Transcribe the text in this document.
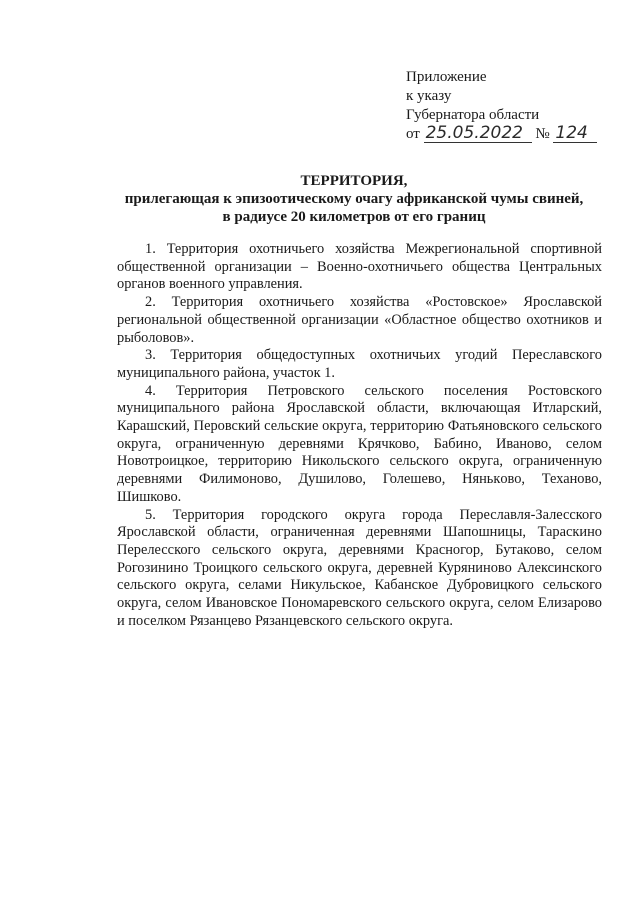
Приложение
к указу
Губернатора области
от 25.05.2022 № 124
ТЕРРИТОРИЯ,
прилегающая к эпизоотическому очагу африканской чумы свиней,
в радиусе 20 километров от его границ

1. Территория охотничьего хозяйства Межрегиональной спортивной общественной организации – Военно-охотничьего общества Центральных органов военного управления.

2. Территория охотничьего хозяйства «Ростовское» Ярославской региональной общественной организации «Областное общество охотников и рыболовов».

3. Территория общедоступных охотничьих угодий Переславского муниципального района, участок 1.

4. Территория Петровского сельского поселения Ростовского муниципального района Ярославской области, включающая Итларский, Карашский, Перовский сельские округа, территорию Фатьяновского сельского округа, ограниченную деревнями Крячково, Бабино, Иваново, селом Новотроицкое, территорию Никольского сельского округа, ограниченную деревнями Филимоново, Душилово, Голешево, Нянькoво, Теханово, Шишково.

5. Территория городского округа города Переславля-Залесского Ярославской области, ограниченная деревнями Шапошницы, Тараскино Перелесского сельского округа, деревнями Красногор, Бутаково, селом Рогозинино Троицкого сельского округа, деревней Куряниново Алексинского сельского округа, селами Никульское, Кабанское Дубровицкого сельского округа, селом Ивановское Пономаревского сельского округа, селом Елизарово и поселком Рязанцево Рязанцевского сельского округа.
